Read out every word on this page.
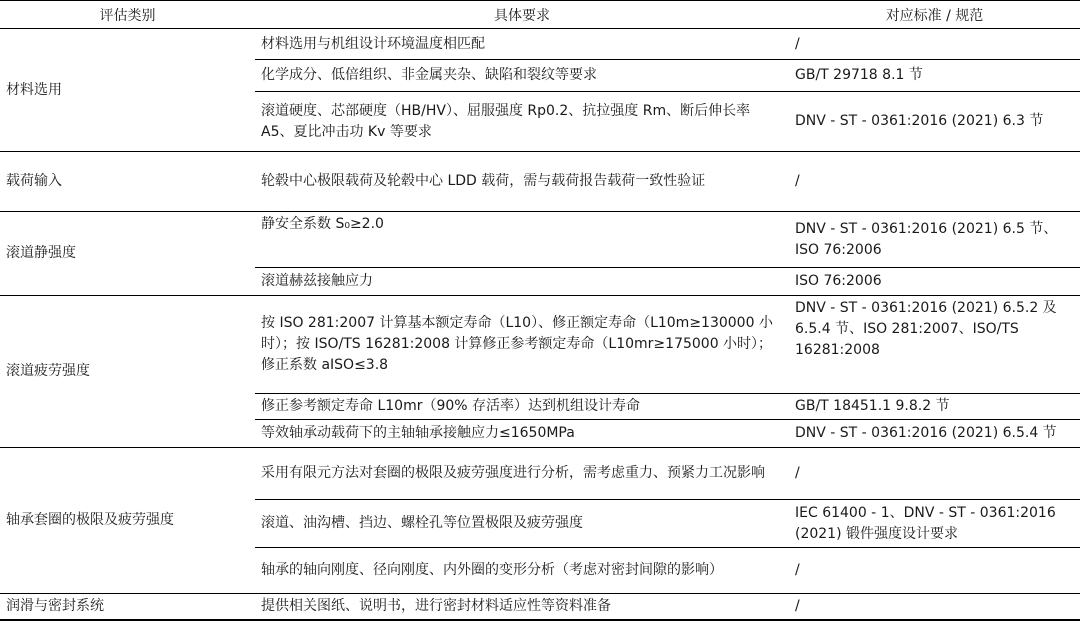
评估类别	具体要求	对应标准 / 规范
材料选用	材料选用与机组设计环境温度相匹配	/
	化学成分、低倍组织、非金属夹杂、缺陷和裂纹等要求	GB/T 29718 8.1 节
	滚道硬度、芯部硬度（HB/HV）、屈服强度 Rp0.2、抗拉强度 Rm、断后伸长率 A5、夏比冲击功 Kv 等要求	DNV - ST - 0361:2016 (2021) 6.3 节
载荷输入	轮毂中心极限载荷及轮毂中心 LDD 载荷，需与载荷报告载荷一致性验证	/
滚道静强度	静安全系数 S₀≥2.0	DNV - ST - 0361:2016 (2021) 6.5 节、ISO 76:2006
	滚道赫兹接触应力	ISO 76:2006
滚道疲劳强度	按 ISO 281:2007 计算基本额定寿命（L10）、修正额定寿命（L10m≥130000 小时）；按 ISO/TS 16281:2008 计算修正参考额定寿命（L10mr≥175000 小时）；修正系数 aISO≤3.8	DNV - ST - 0361:2016 (2021) 6.5.2 及 6.5.4 节、ISO 281:2007、ISO/TS 16281:2008
	修正参考额定寿命 L10mr（90% 存活率）达到机组设计寿命	GB/T 18451.1 9.8.2 节
	等效轴承动载荷下的主轴轴承接触应力≤1650MPa	DNV - ST - 0361:2016 (2021) 6.5.4 节
轴承套圈的极限及疲劳强度	采用有限元方法对套圈的极限及疲劳强度进行分析，需考虑重力、预紧力工况影响	/
	滚道、油沟槽、挡边、螺栓孔等位置极限及疲劳强度	IEC 61400 - 1、DNV - ST - 0361:2016 (2021) 锻件强度设计要求
	轴承的轴向刚度、径向刚度、内外圈的变形分析（考虑对密封间隙的影响）	/
润滑与密封系统	提供相关图纸、说明书，进行密封材料适应性等资料准备	/
